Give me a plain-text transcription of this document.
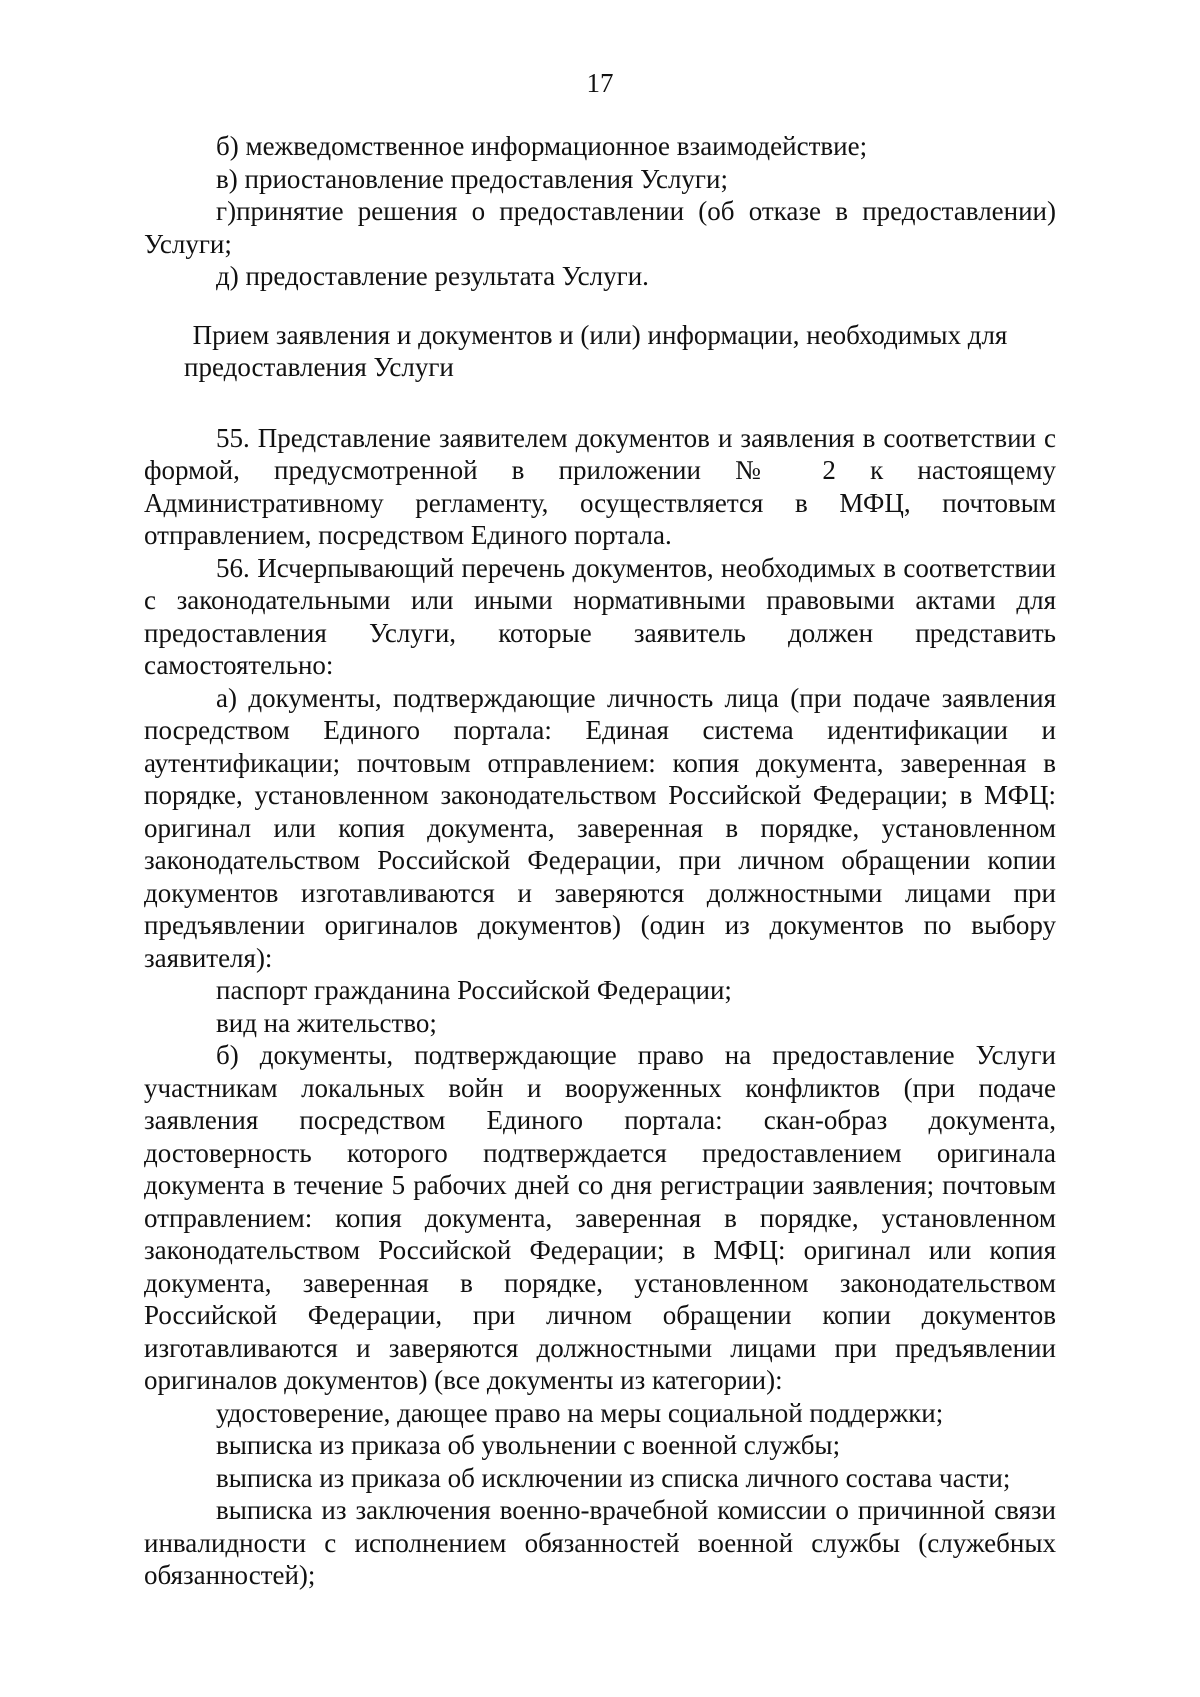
17

б) межведомственное информационное взаимодействие;

в) приостановление предоставления Услуги;

г)принятие решения о предоставлении (об отказе в предоставлении) Услуги;

д) предоставление результата Услуги.

Прием заявления и документов и (или) информации, необходимых для предоставления Услуги

55. Представление заявителем документов и заявления в соответствии с формой, предусмотренной в приложении № 2 к настоящему Административному регламенту, осуществляется в МФЦ, почтовым отправлением, посредством Единого портала.

56. Исчерпывающий перечень документов, необходимых в соответствии с законодательными или иными нормативными правовыми актами для предоставления Услуги, которые заявитель должен представить самостоятельно:

а) документы, подтверждающие личность лица (при подаче заявления посредством Единого портала: Единая система идентификации и аутентификации; почтовым отправлением: копия документа, заверенная в порядке, установленном законодательством Российской Федерации; в МФЦ: оригинал или копия документа, заверенная в порядке, установленном законодательством Российской Федерации, при личном обращении копии документов изготавливаются и заверяются должностными лицами при предъявлении оригиналов документов) (один из документов по выбору заявителя):

паспорт гражданина Российской Федерации;

вид на жительство;

б) документы, подтверждающие право на предоставление Услуги участникам локальных войн и вооруженных конфликтов (при подаче заявления посредством Единого портала: скан-образ документа, достоверность которого подтверждается предоставлением оригинала документа в течение 5 рабочих дней со дня регистрации заявления; почтовым отправлением: копия документа, заверенная в порядке, установленном законодательством Российской Федерации; в МФЦ: оригинал или копия документа, заверенная в порядке, установленном законодательством Российской Федерации, при личном обращении копии документов изготавливаются и заверяются должностными лицами при предъявлении оригиналов документов) (все документы из категории):

удостоверение, дающее право на меры социальной поддержки;

выписка из приказа об увольнении с военной службы;

выписка из приказа об исключении из списка личного состава части;

выписка из заключения военно-врачебной комиссии о причинной связи инвалидности с исполнением обязанностей военной службы (служебных обязанностей);
